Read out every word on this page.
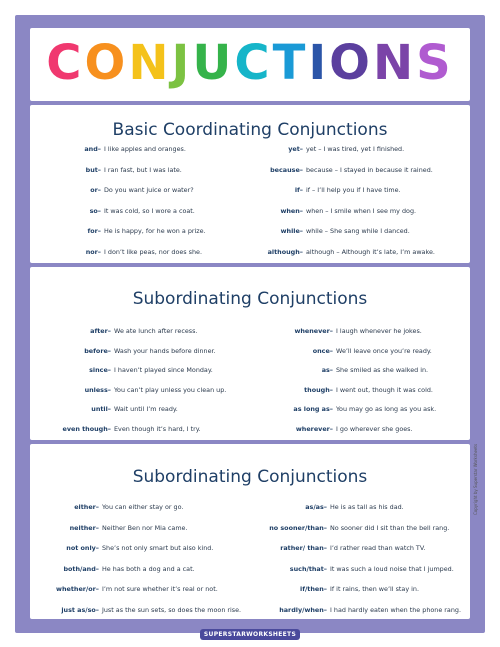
CONJUCTIONS
Basic Coordinating Conjunctions
and– I like apples and oranges.
but– I ran fast, but I was late.
or– Do you want juice or water?
so– It was cold, so I wore a coat.
for– He is happy, for he won a prize.
nor– I don’t like peas, nor does she.
yet– yet – I was tired, yet I finished.
because– because – I stayed in because it rained.
if– if – I’ll help you if I have time.
when– when – I smile when I see my dog.
while– while – She sang while I danced.
although– although – Although it’s late, I’m awake.
Subordinating Conjunctions
after– We ate lunch after recess.
before– Wash your hands before dinner.
since– I haven’t played since Monday.
unless– You can’t play unless you clean up.
until– Wait until I’m ready.
even though– Even though it’s hard, I try.
whenever– I laugh whenever he jokes.
once– We’ll leave once you’re ready.
as– She smiled as she walked in.
though– I went out, though it was cold.
as long as– You may go as long as you ask.
wherever– I go wherever she goes.
Subordinating Conjunctions
either– You can either stay or go.
neither– Neither Ben nor Mia came.
not only– She’s not only smart but also kind.
both/and– He has both a dog and a cat.
whether/or– I’m not sure whether it’s real or not.
just as/so– Just as the sun sets, so does the moon rise.
as/as– He is as tall as his dad.
no sooner/than– No sooner did I sit than the bell rang.
rather/ than– I’d rather read than watch TV.
such/that– It was such a loud noise that I jumped.
if/then– If it rains, then we’ll stay in.
hardly/when– I had hardly eaten when the phone rang.
SUPERSTARWORKSHEETS
Copyright by Superstar Worksheets
